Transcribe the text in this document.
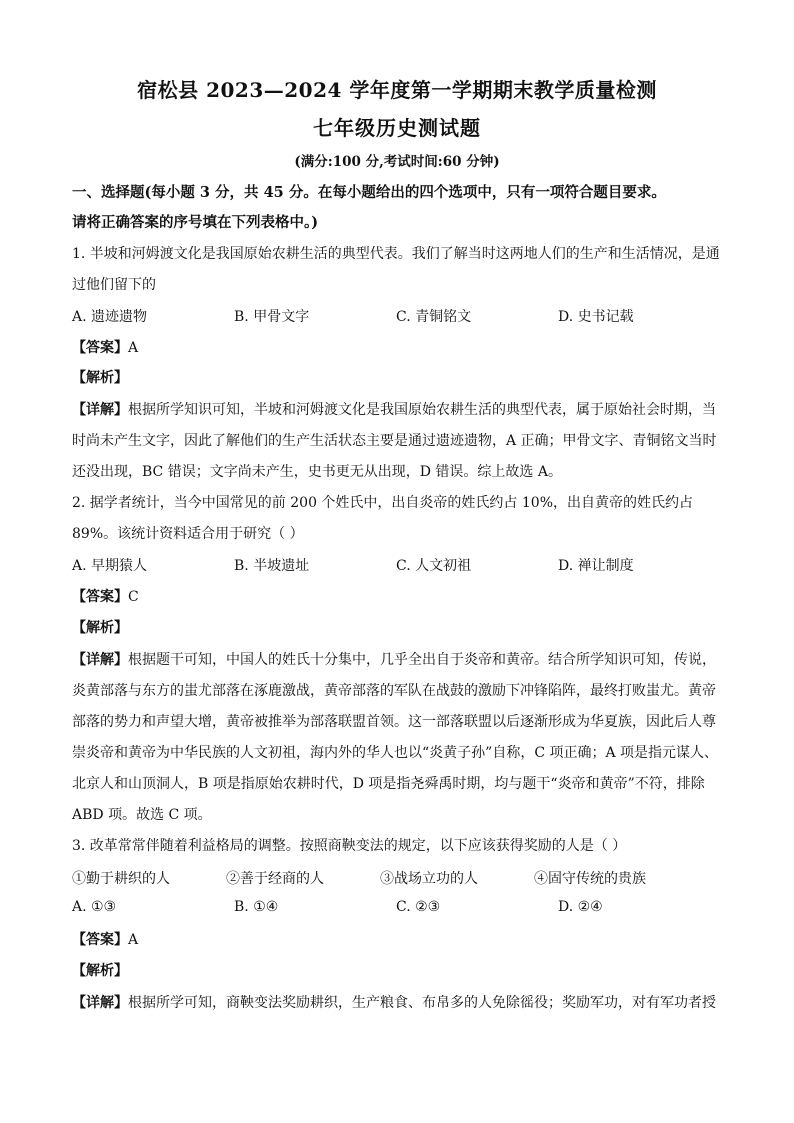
宿松县 2023—2024 学年度第一学期期末教学质量检测
七年级历史测试题
(满分:100 分,考试时间:60 分钟)
一、选择题(每小题 3 分，共 45 分。在每小题给出的四个选项中，只有一项符合题目要求。
请将正确答案的序号填在下列表格中。)
1. 半坡和河姆渡文化是我国原始农耕生活的典型代表。我们了解当时这两地人们的生产和生活情况，是通
过他们留下的
A. 遗迹遗物	B. 甲骨文字	C. 青铜铭文	D. 史书记载
【答案】A
【解析】
【详解】根据所学知识可知，半坡和河姆渡文化是我国原始农耕生活的典型代表，属于原始社会时期，当
时尚未产生文字，因此了解他们的生产生活状态主要是通过遗迹遗物，A 正确；甲骨文字、青铜铭文当时
还没出现，BC 错误；文字尚未产生，史书更无从出现，D 错误。综上故选 A。
2. 据学者统计，当今中国常见的前 200 个姓氏中，出自炎帝的姓氏约占 10%，出自黄帝的姓氏约占
89%。该统计资料适合用于研究（ ）
A. 早期猿人	B. 半坡遗址	C. 人文初祖	D. 禅让制度
【答案】C
【解析】
【详解】根据题干可知，中国人的姓氏十分集中，几乎全出自于炎帝和黄帝。结合所学知识可知，传说，
炎黄部落与东方的蚩尤部落在涿鹿激战，黄帝部落的军队在战鼓的激励下冲锋陷阵，最终打败蚩尤。黄帝
部落的势力和声望大增，黄帝被推举为部落联盟首领。这一部落联盟以后逐渐形成为华夏族，因此后人尊
崇炎帝和黄帝为中华民族的人文初祖，海内外的华人也以“炎黄子孙”自称，C 项正确；A 项是指元谋人、
北京人和山顶洞人，B 项是指原始农耕时代，D 项是指尧舜禹时期，均与题干“炎帝和黄帝”不符，排除
ABD 项。故选 C 项。
3. 改革常常伴随着利益格局的调整。按照商鞅变法的规定，以下应该获得奖励的人是（ ）
①勤于耕织的人	②善于经商的人	③战场立功的人	④固守传统的贵族
A. ①③	B. ①④	C. ②③	D. ②④
【答案】A
【解析】
【详解】根据所学可知，商鞅变法奖励耕织，生产粮食、布帛多的人免除徭役；奖励军功，对有军功者授
